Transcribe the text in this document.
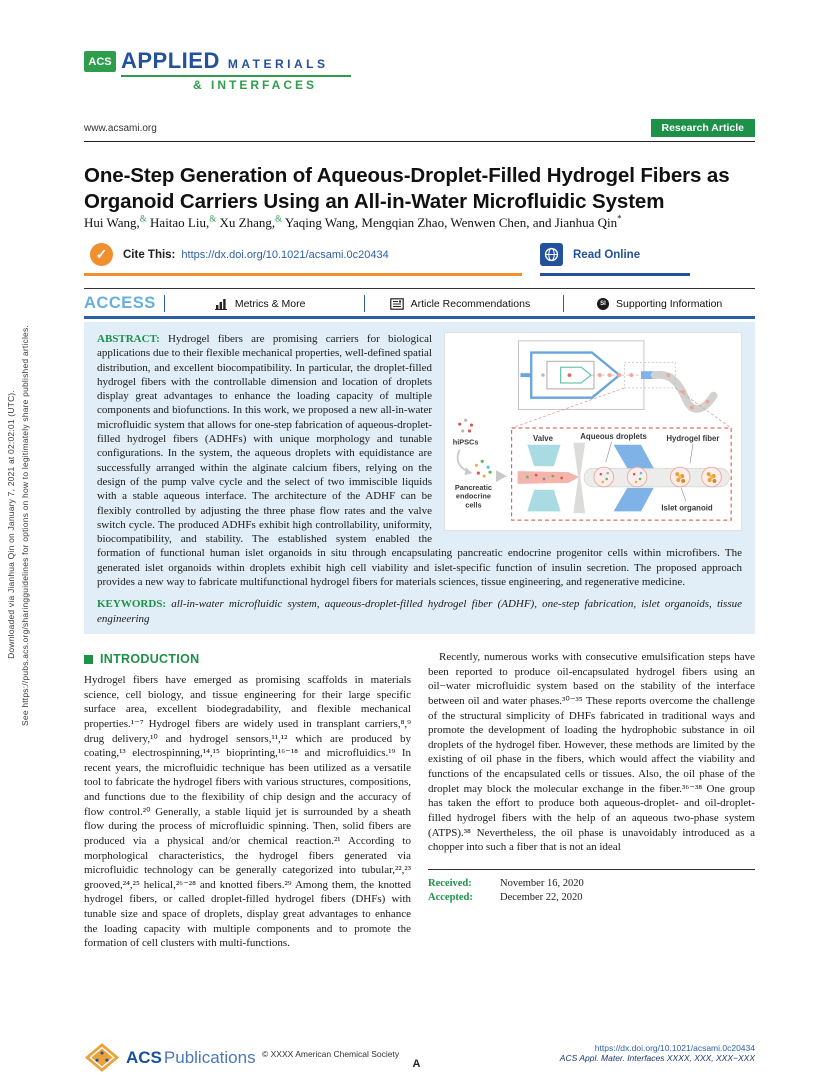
Downloaded via Jianhua Qin on January 7, 2021 at 02:02:01 (UTC). See https://pubs.acs.org/sharingguidelines for options on how to legitimately share published articles.
ACS APPLIED MATERIALS
& INTERFACES
www.acsami.org	Research Article
One-Step Generation of Aqueous-Droplet-Filled Hydrogel Fibers as Organoid Carriers Using an All-in-Water Microfluidic System
Hui Wang,& Haitao Liu,& Xu Zhang,& Yaqing Wang, Mengqian Zhao, Wenwen Chen, and Jianhua Qin*
✓	Cite This: https://dx.doi.org/10.1021/acsami.0c20434	Read Online
ACCESS	Metrics & More	Article Recommendations	SI Supporting Information
Valve	Aqueous droplets Hydrogel fiber
Islet organoid
hiPSCs
Pancreatic
endocrine
cells
ABSTRACT: Hydrogel fibers are promising carriers for biological applications due to their flexible mechanical properties, well-defined spatial distribution, and excellent biocompatibility. In particular, the droplet-filled hydrogel fibers with the controllable dimension and location of droplets display great advantages to enhance the loading capacity of multiple components and biofunctions. In this work, we proposed a new all-in-water microfluidic system that allows for one-step fabrication of aqueous-droplet-filled hydrogel fibers (ADHFs) with unique morphology and tunable configurations. In the system, the aqueous droplets with equidistance are successfully arranged within the alginate calcium fibers, relying on the design of the pump valve cycle and the select of two immiscible liquids with a stable aqueous interface. The architecture of the ADHF can be flexibly controlled by adjusting the three phase flow rates and the valve switch cycle. The produced ADHFs exhibit high controllability, uniformity, biocompatibility, and stability. The established system enabled the formation of functional human islet organoids in situ through encapsulating pancreatic endocrine progenitor cells within microfibers. The generated islet organoids within droplets exhibit high cell viability and islet-specific function of insulin secretion. The proposed approach provides a new way to fabricate multifunctional hydrogel fibers for materials sciences, tissue engineering, and regenerative medicine.
KEYWORDS: all-in-water microfluidic system, aqueous-droplet-filled hydrogel fiber (ADHF), one-step fabrication, islet organoids, tissue engineering
INTRODUCTION

Hydrogel fibers have emerged as promising scaffolds in materials science, cell biology, and tissue engineering for their large specific surface area, excellent biodegradability, and flexible mechanical properties.¹⁻⁷ Hydrogel fibers are widely used in transplant carriers,⁸,⁹ drug delivery,¹⁰ and hydrogel sensors,¹¹,¹² which are produced by coating,¹³ electrospinning,¹⁴,¹⁵ bioprinting,¹⁶⁻¹⁸ and microfluidics.¹⁹ In recent years, the microfluidic technique has been utilized as a versatile tool to fabricate the hydrogel fibers with various structures, compositions, and functions due to the flexibility of chip design and the accuracy of flow control.²⁰ Generally, a stable liquid jet is surrounded by a sheath flow during the process of microfluidic spinning. Then, solid fibers are produced via a physical and/or chemical reaction.²¹ According to morphological characteristics, the hydrogel fibers generated via microfluidic technology can be generally categorized into tubular,²²,²³ grooved,²⁴,²⁵ helical,²⁶⁻²⁸ and knotted fibers.²⁹ Among them, the knotted hydrogel fibers, or called droplet-filled hydrogel fibers (DHFs) with tunable size and space of droplets, display great advantages to enhance the loading capacity with multiple components and to promote the formation of cell clusters with multi-functions.

Recently, numerous works with consecutive emulsification steps have been reported to produce oil-encapsulated hydrogel fibers using an oil−water microfluidic system based on the stability of the interface between oil and water phases.³⁰⁻³⁵ These reports overcome the challenge of the structural simplicity of DHFs fabricated in traditional ways and promote the development of loading the hydrophobic substance in oil droplets of the hydrogel fiber. However, these methods are limited by the existing of oil phase in the fibers, which would affect the viability and functions of the encapsulated cells or tissues. Also, the oil phase of the droplet may block the molecular exchange in the fiber.³⁶⁻³⁸ One group has taken the effort to produce both aqueous-droplet- and oil-droplet-filled hydrogel fibers with the help of an aqueous two-phase system (ATPS).³⁸ Nevertheless, the oil phase is unavoidably introduced as a chopper into such a fiber that is not an ideal

Received:	November 16, 2020
Accepted:	December 22, 2020
ACS Publications © XXXX American Chemical Society
A
https://dx.doi.org/10.1021/acsami.0c20434
ACS Appl. Mater. Interfaces XXXX, XXX, XXX−XXX
